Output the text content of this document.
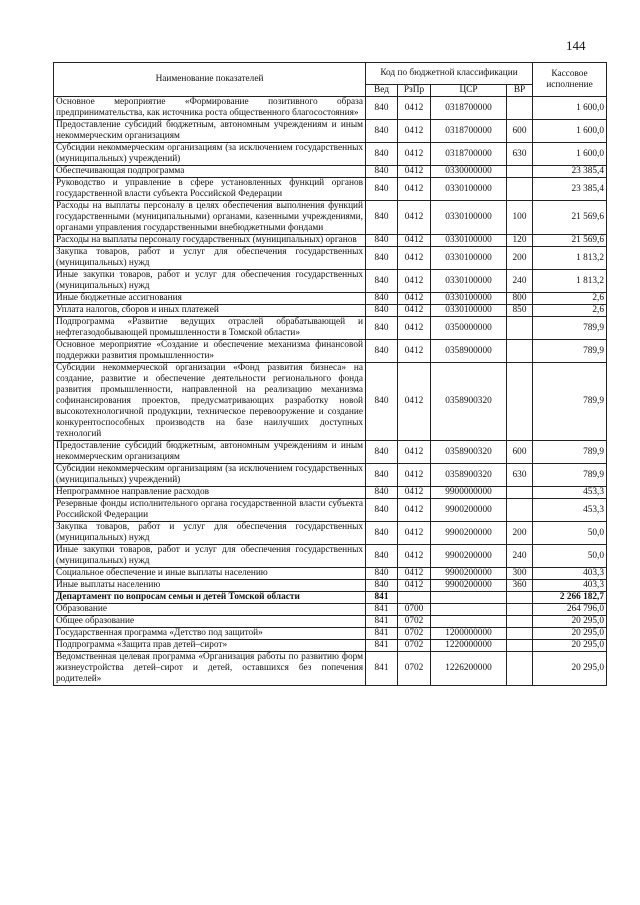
144
Наименование показателей	Код по бюджетной классификации				Кассовое исполнение
	Вед	РзПр	ЦСР	ВР	
Основное мероприятие «Формирование позитивного образа предпринимательства, как источника роста общественного благосостояния»	840	0412	0318700000		1 600,0
Предоставление субсидий бюджетным, автономным учреждениям и иным некоммерческим организациям	840	0412	0318700000	600	1 600,0
Субсидии некоммерческим организациям (за исключением государственных (муниципальных) учреждений)	840	0412	0318700000	630	1 600,0
Обеспечивающая подпрограмма	840	0412	0330000000		23 385,4
Руководство и управление в сфере установленных функций органов государственной власти субъекта Российской Федерации	840	0412	0330100000		23 385,4
Расходы на выплаты персоналу в целях обеспечения выполнения функций государственными (муниципальными) органами, казенными учреждениями, органами управления государственными внебюджетными фондами	840	0412	0330100000	100	21 569,6
Расходы на выплаты персоналу государственных (муниципальных) органов	840	0412	0330100000	120	21 569,6
Закупка товаров, работ и услуг для обеспечения государственных (муниципальных) нужд	840	0412	0330100000	200	1 813,2
Иные закупки товаров, работ и услуг для обеспечения государственных (муниципальных) нужд	840	0412	0330100000	240	1 813,2
Иные бюджетные ассигнования	840	0412	0330100000	800	2,6
Уплата налогов, сборов и иных платежей	840	0412	0330100000	850	2,6
Подпрограмма «Развитие ведущих отраслей обрабатывающей и нефтегазодобывающей промышленности в Томской области»	840	0412	0350000000		789,9
Основное мероприятие «Создание и обеспечение механизма финансовой поддержки развития промышленности»	840	0412	0358900000		789,9
Субсидии некоммерческой организации «Фонд развития бизнеса» на создание, развитие и обеспечение деятельности регионального фонда развития промышленности, направленной на реализацию механизма софинансирования проектов, предусматривающих разработку новой высокотехнологичной продукции, техническое перевооружение и создание конкурентоспособных производств на базе наилучших доступных технологий	840	0412	0358900320		789,9
Предоставление субсидий бюджетным, автономным учреждениям и иным некоммерческим организациям	840	0412	0358900320	600	789,9
Субсидии некоммерческим организациям (за исключением государственных (муниципальных) учреждений)	840	0412	0358900320	630	789,9
Непрограммное направление расходов	840	0412	9900000000		453,3
Резервные фонды исполнительного органа государственной власти субъекта Российской Федерации	840	0412	9900200000		453,3
Закупка товаров, работ и услуг для обеспечения государственных (муниципальных) нужд	840	0412	9900200000	200	50,0
Иные закупки товаров, работ и услуг для обеспечения государственных (муниципальных) нужд	840	0412	9900200000	240	50,0
Социальное обеспечение и иные выплаты населению	840	0412	9900200000	300	403,3
Иные выплаты населению	840	0412	9900200000	360	403,3
Департамент по вопросам семьи и детей Томской области	841				2 266 182,7
Образование	841	0700			264 796,0
Общее образование	841	0702			20 295,0
Государственная программа «Детство под защитой»	841	0702	1200000000		20 295,0
Подпрограмма «Защита прав детей–сирот»	841	0702	1220000000		20 295,0
Ведомственная целевая программа «Организация работы по развитию форм жизнеустройства детей–сирот и детей, оставшихся без попечения родителей»	841	0702	1226200000		20 295,0
